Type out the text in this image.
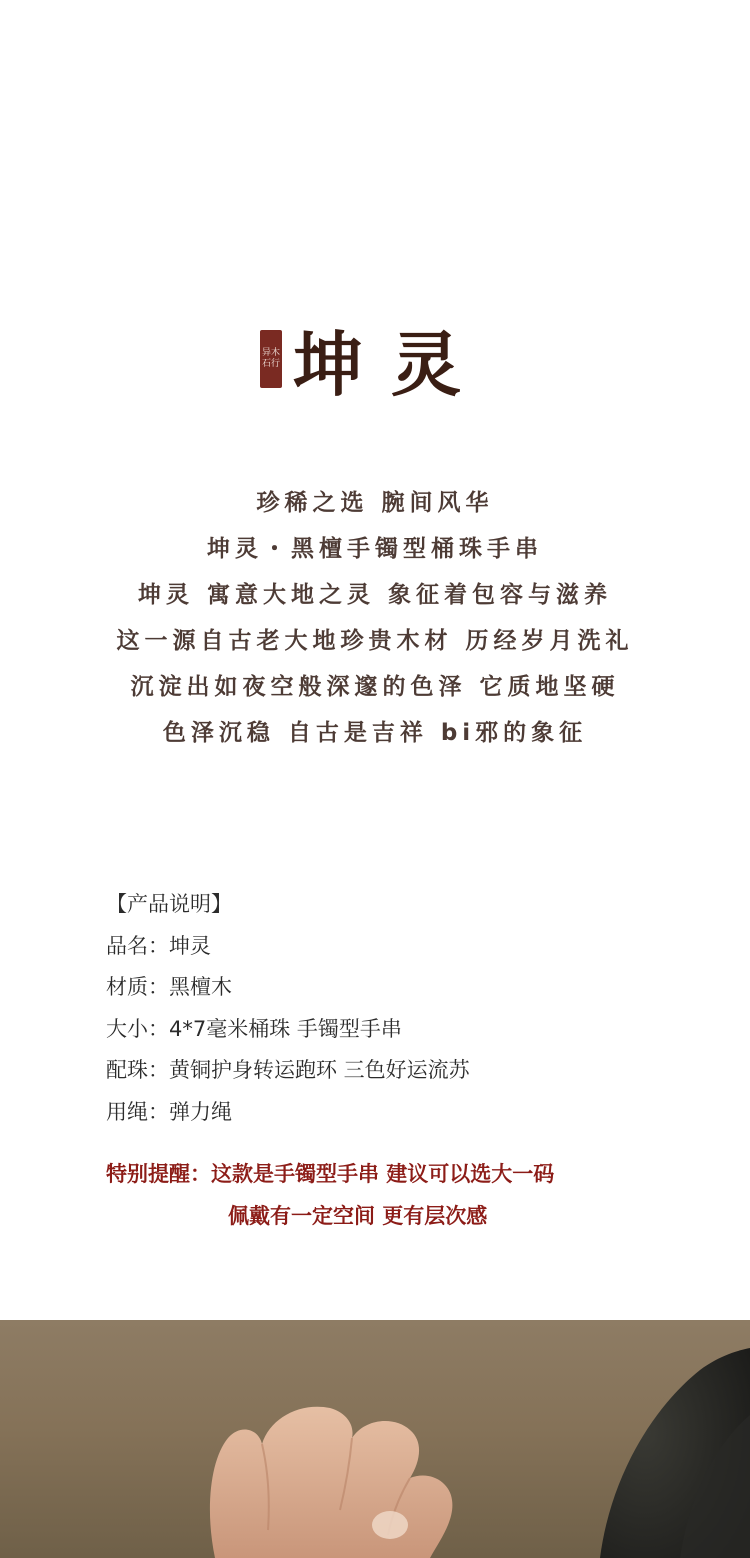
异木
石行 坤灵
珍稀之选 腕间风华
坤灵・黑檀手镯型桶珠手串
坤灵 寓意大地之灵 象征着包容与滋养
这一源自古老大地珍贵木材 历经岁月洗礼
沉淀出如夜空般深邃的色泽 它质地坚硬
色泽沉稳 自古是吉祥 bi邪的象征
【产品说明】
品名：坤灵
材质：黑檀木
大小：4*7毫米桶珠 手镯型手串
配珠：黄铜护身转运跑环 三色好运流苏
用绳：弹力绳
特别提醒：这款是手镯型手串 建议可以选大一码
佩戴有一定空间 更有层次感
